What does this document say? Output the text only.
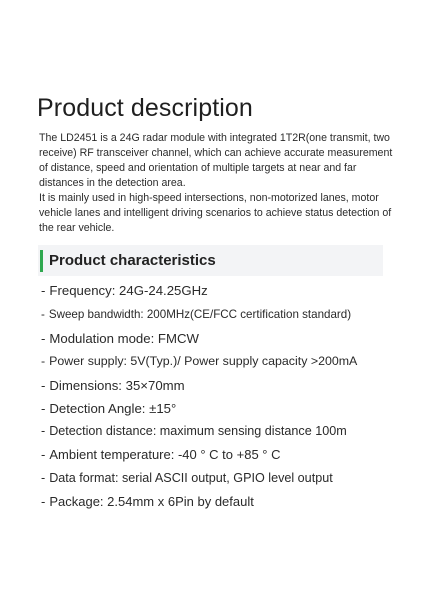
Product description

The LD2451 is a 24G radar module with integrated 1T2R(one transmit, two receive) RF transceiver channel, which can achieve accurate measurement of distance, speed and orientation of multiple targets at near and far distances in the detection area.

It is mainly used in high-speed intersections, non-motorized lanes, motor vehicle lanes and intelligent driving scenarios to achieve status detection of the rear vehicle.

Product characteristics
- Frequency: 24G-24.25GHz
- Sweep bandwidth: 200MHz(CE/FCC certification standard)
- Modulation mode: FMCW
- Power supply: 5V(Typ.)/ Power supply capacity >200mA
- Dimensions: 35×70mm
- Detection Angle: ±15°
- Detection distance: maximum sensing distance 100m
- Ambient temperature: -40 ° C to +85 ° C
- Data format: serial ASCII output, GPIO level output
- Package: 2.54mm x 6Pin by default
